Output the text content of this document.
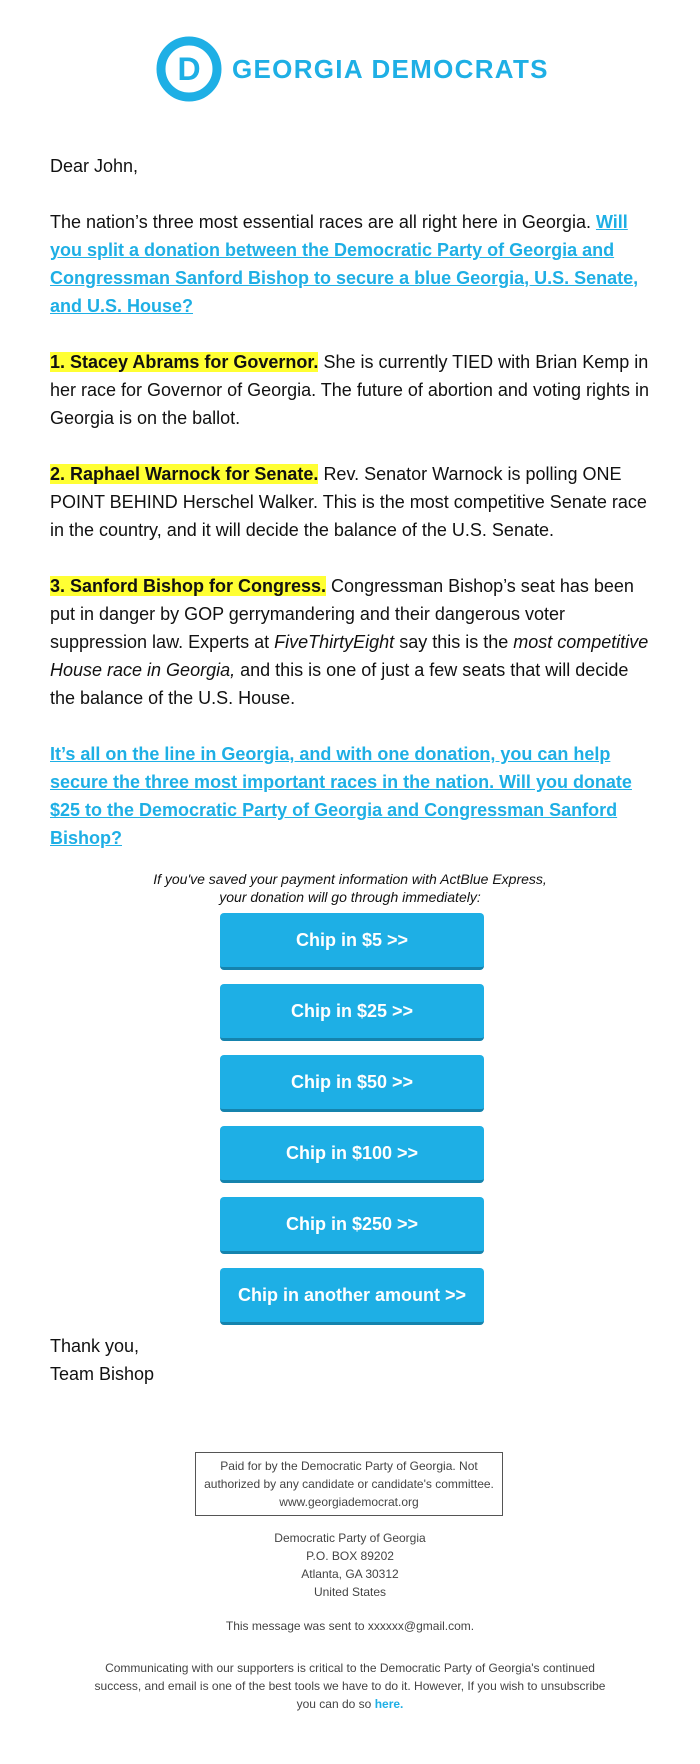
D GEORGIA DEMOCRATS

Dear John,

The nation’s three most essential races are all right here in Georgia. Will you split a donation between the Democratic Party of Georgia and Congressman Sanford Bishop to secure a blue Georgia, U.S. Senate, and U.S. House?

1. Stacey Abrams for Governor. She is currently TIED with Brian Kemp in her race for Governor of Georgia. The future of abortion and voting rights in Georgia is on the ballot.

2. Raphael Warnock for Senate. Rev. Senator Warnock is polling ONE POINT BEHIND Herschel Walker. This is the most competitive Senate race in the country, and it will decide the balance of the U.S. Senate.

3. Sanford Bishop for Congress. Congressman Bishop’s seat has been put in danger by GOP gerrymandering and their dangerous voter suppression law. Experts at FiveThirtyEight say this is the most competitive House race in Georgia, and this is one of just a few seats that will decide the balance of the U.S. House.

It’s all on the line in Georgia, and with one donation, you can help secure the three most important races in the nation. Will you donate $25 to the Democratic Party of Georgia and Congressman Sanford Bishop?

If you've saved your payment information with ActBlue Express,
your donation will go through immediately:
Chip in $5 >>
Chip in $25 >>
Chip in $50 >>
Chip in $100 >>
Chip in $250 >>
Chip in another amount >>
Thank you,
Team Bishop
Paid for by the Democratic Party of Georgia. Not
authorized by any candidate or candidate's committee.
www.georgiademocrat.org
Democratic Party of Georgia
P.O. BOX 89202
Atlanta, GA 30312
United States
This message was sent to xxxxxx@gmail.com.
Communicating with our supporters is critical to the Democratic Party of Georgia's continued success, and email is one of the best tools we have to do it. However, If you wish to unsubscribe you can do so here.
